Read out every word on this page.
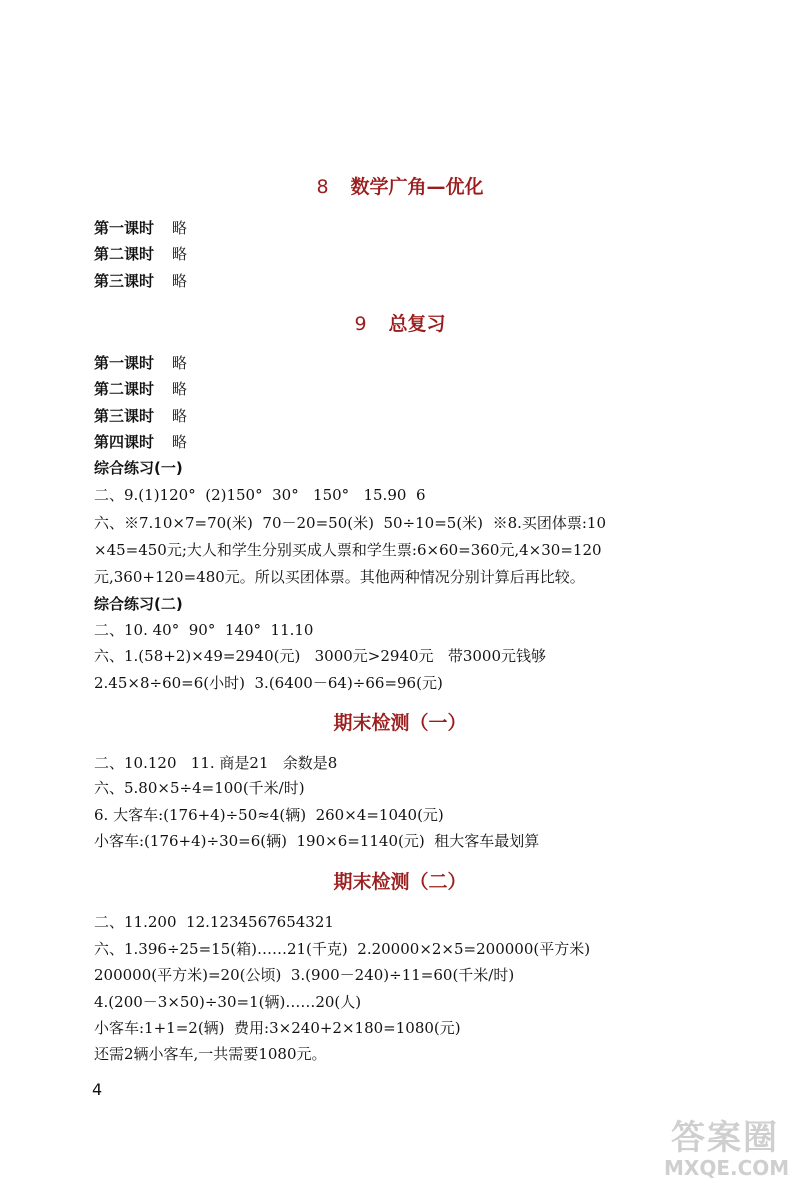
8 数学广角—优化
第一课时 略
第二课时 略
第三课时 略
9 总复习
第一课时 略
第二课时 略
第三课时 略
第四课时 略
综合练习(一)
二、9.(1)120°  (2)150°  30°   150°   15.90  6
六、※7.10×7=70(米)  70－20=50(米)  50÷10=5(米)  ※8.买团体票:10
×45=450元;大人和学生分别买成人票和学生票:6×60=360元,4×30=120
元,360+120=480元。所以买团体票。其他两种情况分别计算后再比较。
综合练习(二)
二、10. 40°  90°  140°  11.10
六、1.(58+2)×49=2940(元)   3000元>2940元   带3000元钱够
2.45×8÷60=6(小时)  3.(6400－64)÷66=96(元)
期末检测（一）
二、10.120   11. 商是21   余数是8
六、5.80×5÷4=100(千米/时)
6. 大客车:(176+4)÷50≈4(辆)  260×4=1040(元)
小客车:(176+4)÷30=6(辆)  190×6=1140(元)  租大客车最划算
期末检测（二）
二、11.200  12.1234567654321
六、1.396÷25=15(箱)……21(千克)  2.20000×2×5=200000(平方米)
200000(平方米)=20(公顷)  3.(900－240)÷11=60(千米/时)
4.(200－3×50)÷30=1(辆)……20(人)
小客车:1+1=2(辆)  费用:3×240+2×180=1080(元)
还需2辆小客车,一共需要1080元。
4
答案圈
MXQE.COM
